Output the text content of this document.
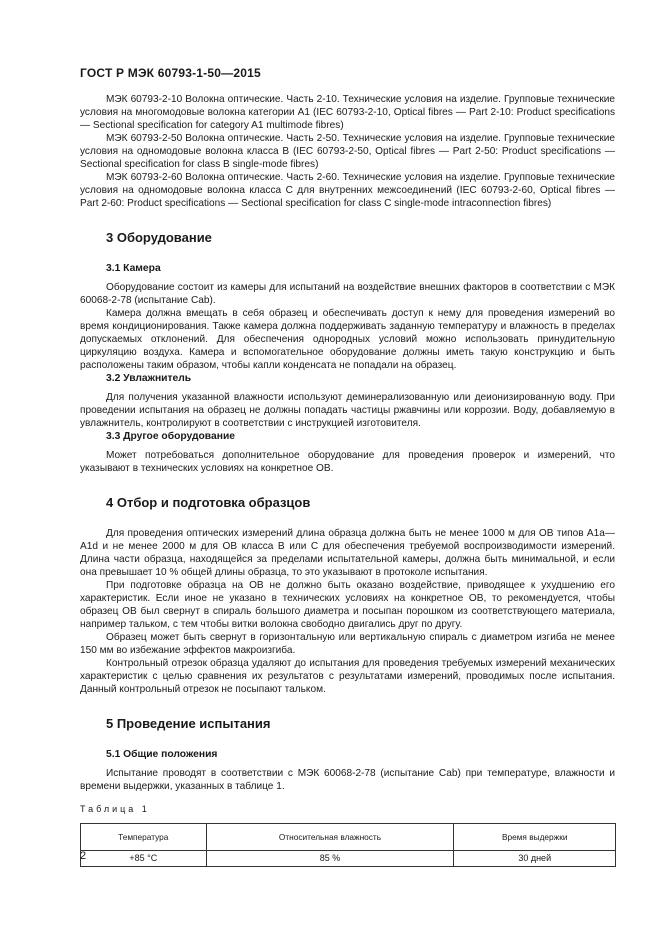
ГОСТ Р МЭК 60793-1-50—2015

МЭК 60793-2-10 Волокна оптические. Часть 2-10. Технические условия на изделие. Групповые технические условия на многомодовые волокна категории A1 (IEC 60793-2-10, Optical fibres — Part 2-10: Product specifications — Sectional specification for category A1 multimode fibres)

МЭК 60793-2-50 Волокна оптические. Часть 2-50. Технические условия на изделие. Групповые технические условия на одномодовые волокна класса B (IEC 60793-2-50, Optical fibres — Part 2-50: Product specifications — Sectional specification for class B single-mode fibres)

МЭК 60793-2-60 Волокна оптические. Часть 2-60. Технические условия на изделие. Групповые технические условия на одномодовые волокна класса C для внутренних межсоединений (IEC 60793-2-60, Optical fibres — Part 2-60: Product specifications — Sectional specification for class C single-mode intraconnection fibres)

3 Оборудование
3.1 Камера

Оборудование состоит из камеры для испытаний на воздействие внешних факторов в соответствии с МЭК 60068-2-78 (испытание Cab).

Камера должна вмещать в себя образец и обеспечивать доступ к нему для проведения измерений во время кондиционирования. Также камера должна поддерживать заданную температуру и влажность в пределах допускаемых отклонений. Для обеспечения однородных условий можно использовать принудительную циркуляцию воздуха. Камера и вспомогательное оборудование должны иметь такую конструкцию и быть расположены таким образом, чтобы капли конденсата не попадали на образец.

3.2 Увлажнитель

Для получения указанной влажности используют деминерализованную или деионизированную воду. При проведении испытания на образец не должны попадать частицы ржавчины или коррозии. Воду, добавляемую в увлажнитель, контролируют в соответствии с инструкцией изготовителя.

3.3 Другое оборудование

Может потребоваться дополнительное оборудование для проведения проверок и измерений, что указывают в технических условиях на конкретное ОВ.

4 Отбор и подготовка образцов

Для проведения оптических измерений длина образца должна быть не менее 1000 м для ОВ типов A1a—A1d и не менее 2000 м для ОВ класса B или C для обеспечения требуемой воспроизводимости измерений. Длина части образца, находящейся за пределами испытательной камеры, должна быть минимальной, и если она превышает 10 % общей длины образца, то это указывают в протоколе испытания.

При подготовке образца на ОВ не должно быть оказано воздействие, приводящее к ухудшению его характеристик. Если иное не указано в технических условиях на конкретное ОВ, то рекомендуется, чтобы образец ОВ был свернут в спираль большого диаметра и посыпан порошком из соответствующего материала, например тальком, с тем чтобы витки волокна свободно двигались друг по другу.

Образец может быть свернут в горизонтальную или вертикальную спираль с диаметром изгиба не менее 150 мм во избежание эффектов макроизгиба.

Контрольный отрезок образца удаляют до испытания для проведения требуемых измерений механических характеристик с целью сравнения их результатов с результатами измерений, проводимых после испытания. Данный контрольный отрезок не посыпают тальком.

5 Проведение испытания
5.1 Общие положения

Испытание проводят в соответствии с МЭК 60068-2-78 (испытание Cab) при температуре, влажности и времени выдержки, указанных в таблице 1.

Таблица 1
Температура	Относительная влажность	Время выдержки
+85 °С	85 %	30 дней
2
